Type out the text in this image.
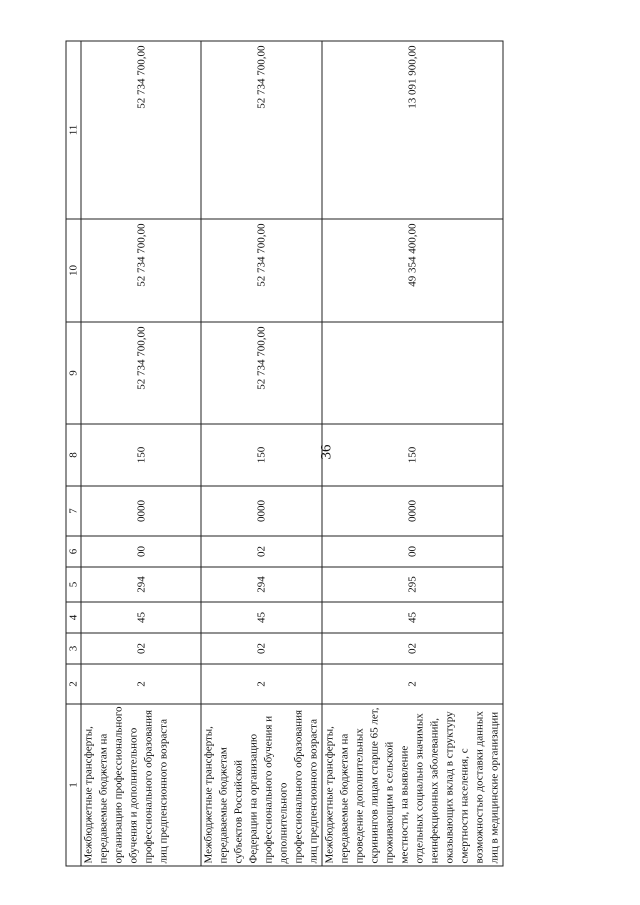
36
1	2	3	4	5	6	7	8	9	10	11
Межбюджетные трансферты, передаваемые бюджетам на организацию профессионального обучения и дополнительного профессионального образования лиц предпенсионного возраста	2	02	45	294	00	0000	150	52 734 700,00	52 734 700,00	52 734 700,00
Межбюджетные трансферты, передаваемые бюджетам субъектов Российской Федерации на организацию профессионального обучения и дополнительного профессионального образования лиц предпенсионного возраста	2	02	45	294	02	0000	150	52 734 700,00	52 734 700,00	52 734 700,00
Межбюджетные трансферты, передаваемые бюджетам на проведение дополнительных скринингов лицам старше 65 лет, проживающим в сельской местности, на выявление отдельных социально значимых неинфекционных заболеваний, оказывающих вклад в структуру смертности населения, с возможностью доставки данных лиц в медицинские организации	2	02	45	295	00	0000	150		49 354 400,00	13 091 900,00
